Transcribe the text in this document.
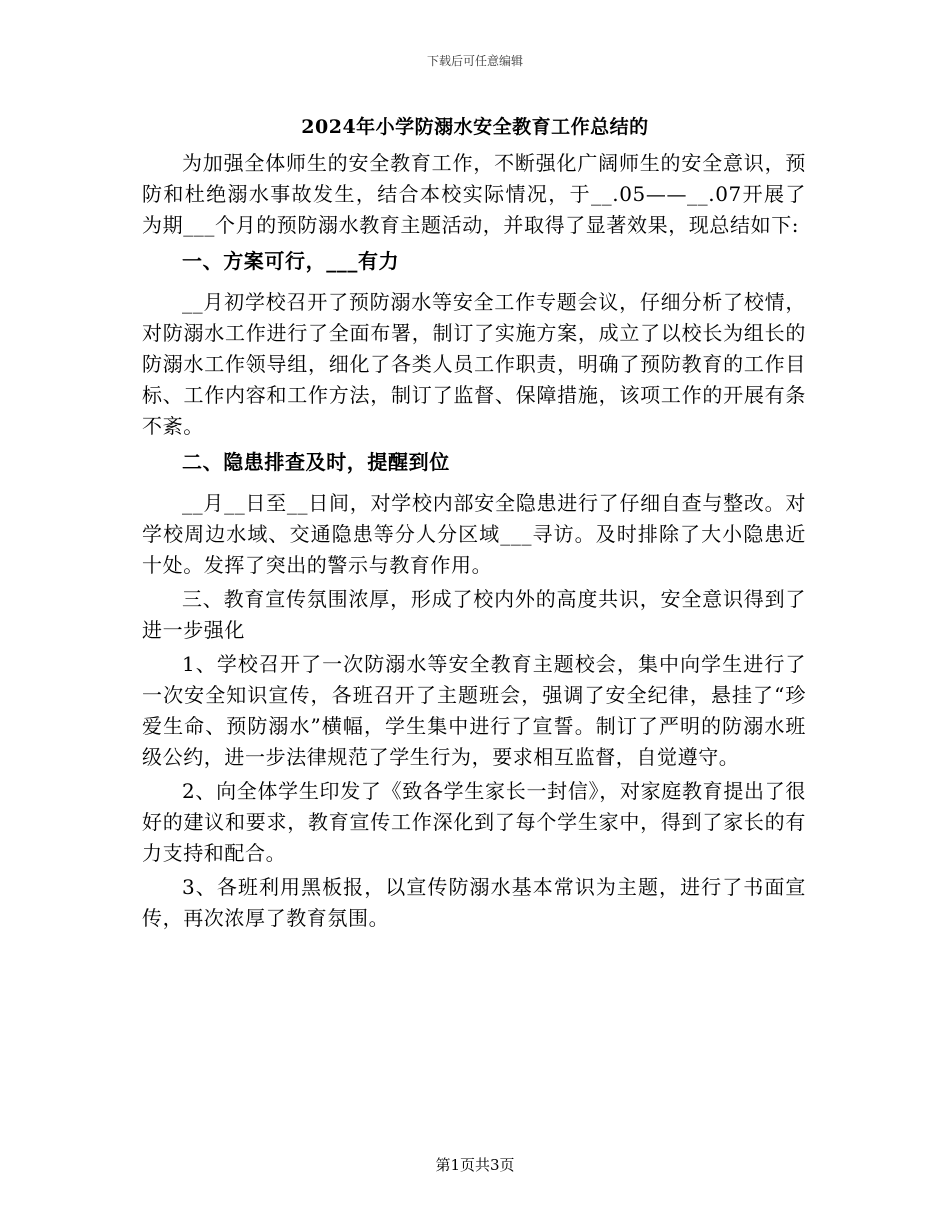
下载后可任意编辑
2024年小学防溺水安全教育工作总结的

为加强全体师生的安全教育工作，不断强化广阔师生的安全意识，预防和杜绝溺水事故发生，结合本校实际情况，于__.05——__.07开展了为期___个月的预防溺水教育主题活动，并取得了显著效果，现总结如下:

一、方案可行，___有力

__月初学校召开了预防溺水等安全工作专题会议，仔细分析了校情，对防溺水工作进行了全面布署，制订了实施方案，成立了以校长为组长的防溺水工作领导组，细化了各类人员工作职责，明确了预防教育的工作目标、工作内容和工作方法，制订了监督、保障措施，该项工作的开展有条不紊。

二、隐患排查及时，提醒到位

__月__日至__日间，对学校内部安全隐患进行了仔细自查与整改。对学校周边水域、交通隐患等分人分区域___寻访。及时排除了大小隐患近十处。发挥了突出的警示与教育作用。

三、教育宣传氛围浓厚，形成了校内外的高度共识，安全意识得到了进一步强化

1、学校召开了一次防溺水等安全教育主题校会，集中向学生进行了一次安全知识宣传，各班召开了主题班会，强调了安全纪律，悬挂了“珍爱生命、预防溺水”横幅，学生集中进行了宣誓。制订了严明的防溺水班级公约，进一步法律规范了学生行为，要求相互监督，自觉遵守。

2、向全体学生印发了《致各学生家长一封信》，对家庭教育提出了很好的建议和要求，教育宣传工作深化到了每个学生家中，得到了家长的有力支持和配合。

3、各班利用黑板报，以宣传防溺水基本常识为主题，进行了书面宣传，再次浓厚了教育氛围。

第1页共3页
